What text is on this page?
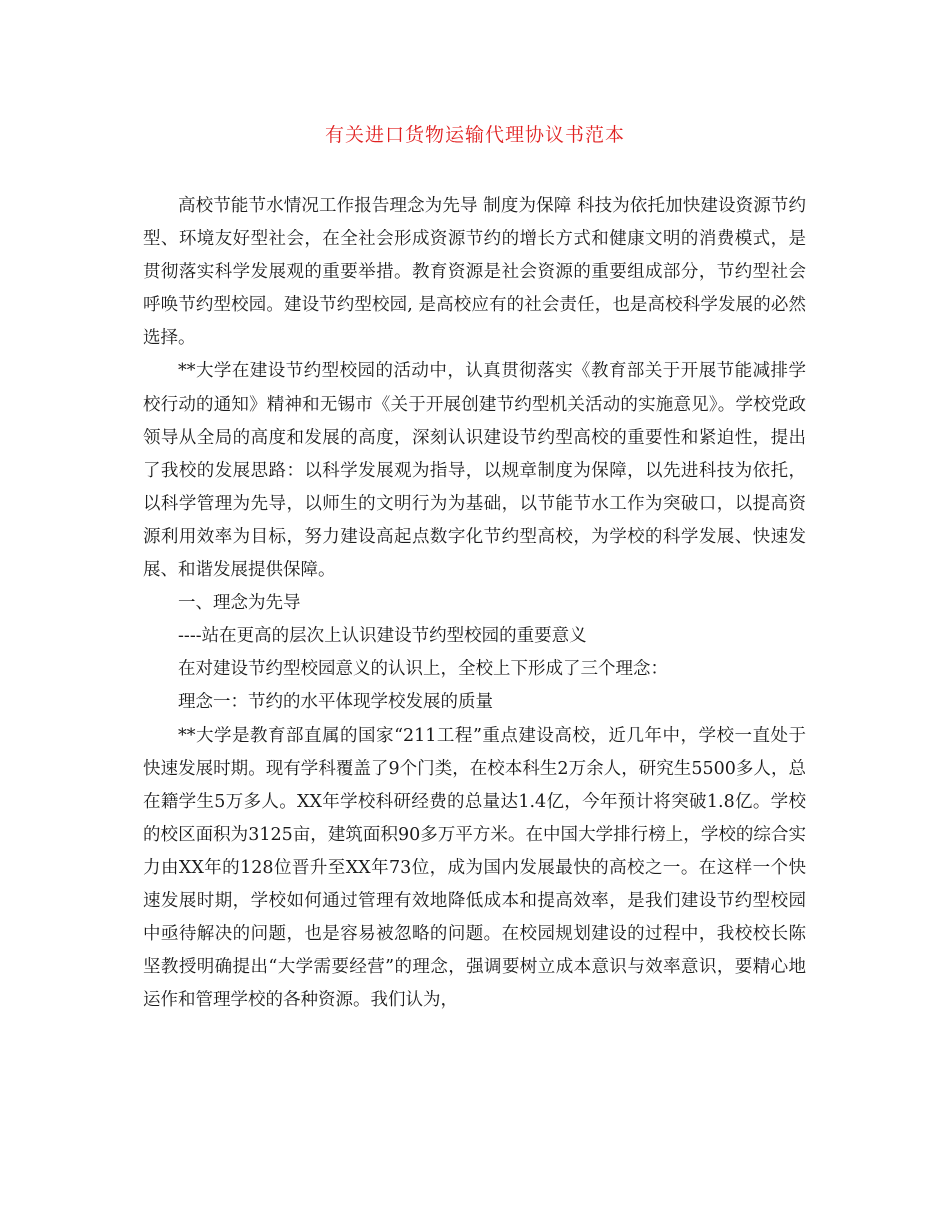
有关进口货物运输代理协议书范本

高校节能节水情况工作报告理念为先导 制度为保障 科技为依托加快建设资源节约型、环境友好型社会，在全社会形成资源节约的增长方式和健康文明的消费模式，是贯彻落实科学发展观的重要举措。教育资源是社会资源的重要组成部分，节约型社会呼唤节约型校园。建设节约型校园, 是高校应有的社会责任，也是高校科学发展的必然选择。

**大学在建设节约型校园的活动中，认真贯彻落实《教育部关于开展节能减排学校行动的通知》精神和无锡市《关于开展创建节约型机关活动的实施意见》。学校党政领导从全局的高度和发展的高度，深刻认识建设节约型高校的重要性和紧迫性，提出了我校的发展思路：以科学发展观为指导，以规章制度为保障，以先进科技为依托，以科学管理为先导，以师生的文明行为为基础，以节能节水工作为突破口，以提高资源利用效率为目标，努力建设高起点数字化节约型高校，为学校的科学发展、快速发展、和谐发展提供保障。

一、理念为先导

----站在更高的层次上认识建设节约型校园的重要意义

在对建设节约型校园意义的认识上，全校上下形成了三个理念：

理念一：节约的水平体现学校发展的质量

**大学是教育部直属的国家“211工程”重点建设高校，近几年中，学校一直处于快速发展时期。现有学科覆盖了9个门类，在校本科生2万余人，研究生5500多人，总在籍学生5万多人。XX年学校科研经费的总量达1.4亿，今年预计将突破1.8亿。学校的校区面积为3125亩，建筑面积90多万平方米。在中国大学排行榜上，学校的综合实力由XX年的128位晋升至XX年73位，成为国内发展最快的高校之一。在这样一个快速发展时期，学校如何通过管理有效地降低成本和提高效率，是我们建设节约型校园中亟待解决的问题，也是容易被忽略的问题。在校园规划建设的过程中，我校校长陈坚教授明确提出“大学需要经营”的理念，强调要树立成本意识与效率意识，要精心地运作和管理学校的各种资源。我们认为，
